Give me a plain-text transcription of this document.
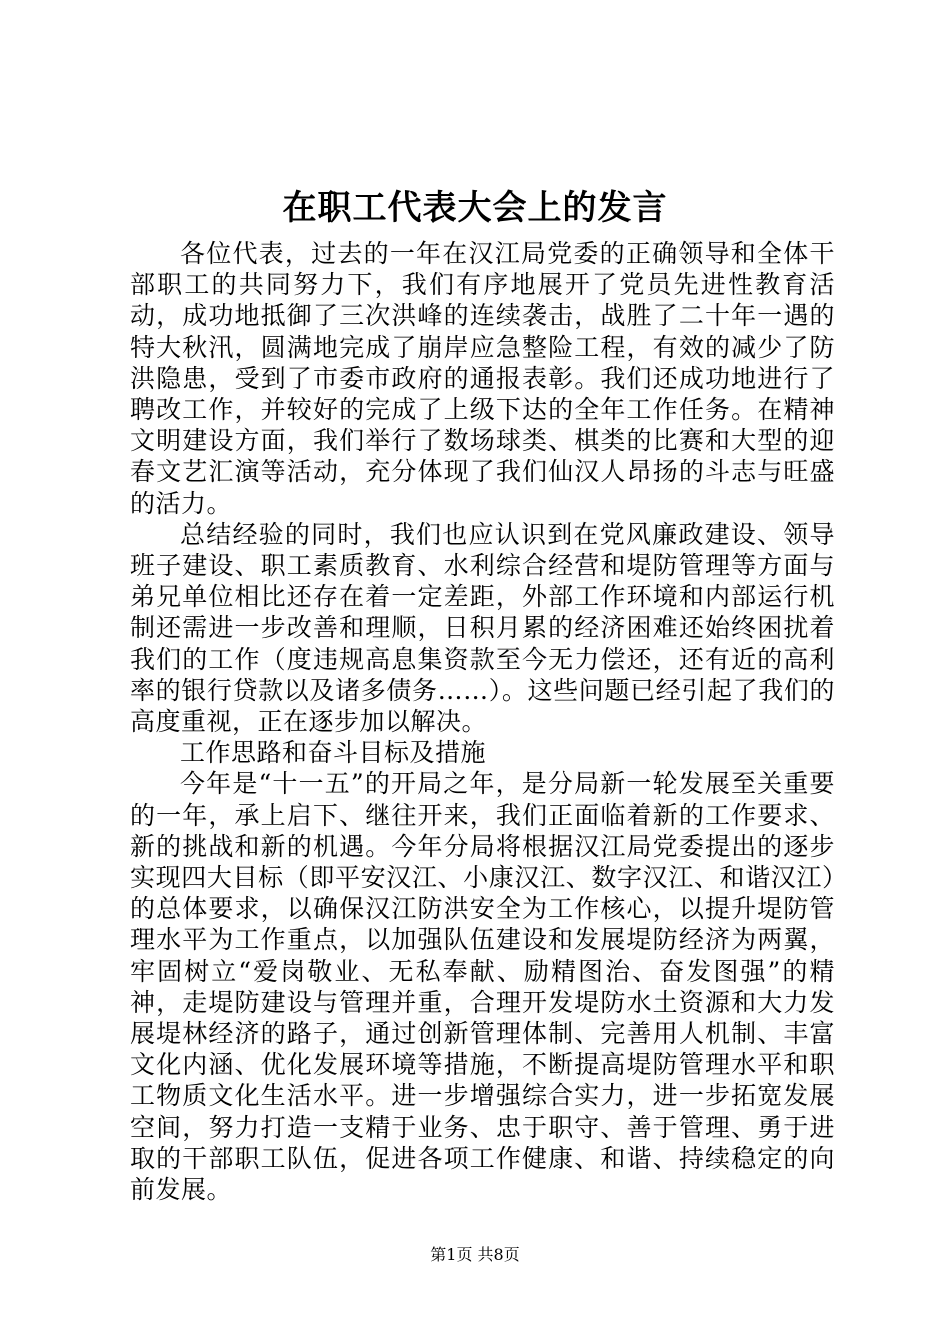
在职工代表大会上的发言

各位代表，过去的一年在汉江局党委的正确领导和全体干部职工的共同努力下，我们有序地展开了党员先进性教育活动，成功地抵御了三次洪峰的连续袭击，战胜了二十年一遇的特大秋汛，圆满地完成了崩岸应急整险工程，有效的减少了防洪隐患，受到了市委市政府的通报表彰。我们还成功地进行了聘改工作，并较好的完成了上级下达的全年工作任务。在精神文明建设方面，我们举行了数场球类、棋类的比赛和大型的迎春文艺汇演等活动，充分体现了我们仙汉人昂扬的斗志与旺盛的活力。

总结经验的同时，我们也应认识到在党风廉政建设、领导班子建设、职工素质教育、水利综合经营和堤防管理等方面与弟兄单位相比还存在着一定差距，外部工作环境和内部运行机制还需进一步改善和理顺，日积月累的经济困难还始终困扰着我们的工作（度违规高息集资款至今无力偿还，还有近的高利率的银行贷款以及诸多债务……）。这些问题已经引起了我们的高度重视，正在逐步加以解决。

工作思路和奋斗目标及措施

今年是“十一五”的开局之年，是分局新一轮发展至关重要的一年，承上启下、继往开来，我们正面临着新的工作要求、新的挑战和新的机遇。今年分局将根据汉江局党委提出的逐步实现四大目标（即平安汉江、小康汉江、数字汉江、和谐汉江）的总体要求，以确保汉江防洪安全为工作核心，以提升堤防管理水平为工作重点，以加强队伍建设和发展堤防经济为两翼，牢固树立“爱岗敬业、无私奉献、励精图治、奋发图强”的精神，走堤防建设与管理并重，合理开发堤防水土资源和大力发展堤林经济的路子，通过创新管理体制、完善用人机制、丰富文化内涵、优化发展环境等措施，不断提高堤防管理水平和职工物质文化生活水平。进一步增强综合实力，进一步拓宽发展空间，努力打造一支精于业务、忠于职守、善于管理、勇于进取的干部职工队伍，促进各项工作健康、和谐、持续稳定的向前发展。

第1页 共8页
